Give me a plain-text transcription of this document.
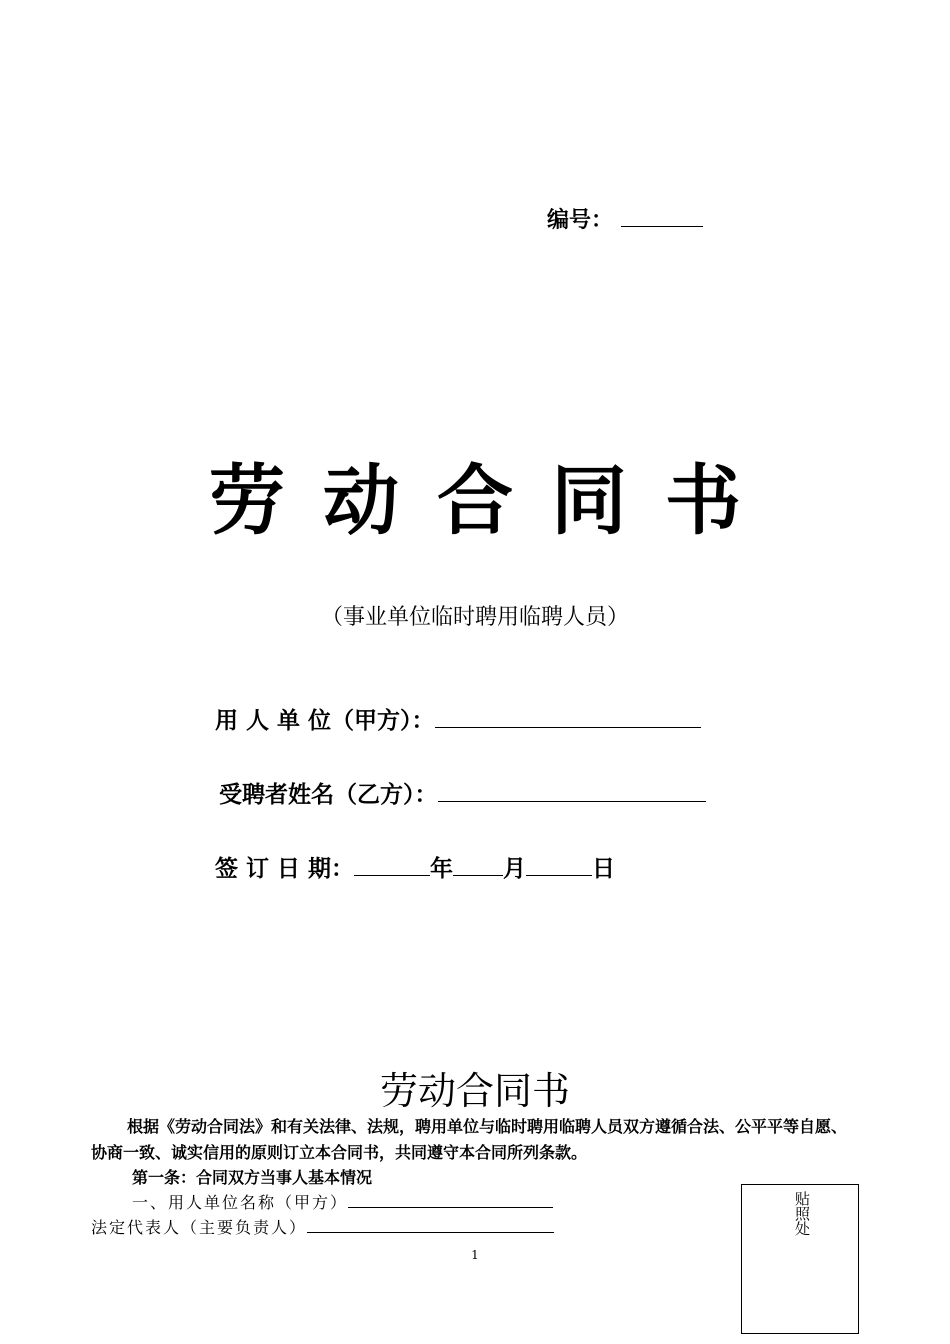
编号：
劳动合同书
（事业单位临时聘用临聘人员）
用 人 单 位（甲方）：
受聘者姓名（乙方）：
签 订 日 期：	年 月	日
劳动合同书
根据《劳动合同法》和有关法律、法规，聘用单位与临时聘用临聘人员双方遵循合法、公平平等自愿、协商一致、诚实信用的原则订立本合同书，共同遵守本合同所列条款。
第一条：合同双方当事人基本情况
一、用人单位名称（甲方）
法定代表人（主要负责人）
1
贴照处
